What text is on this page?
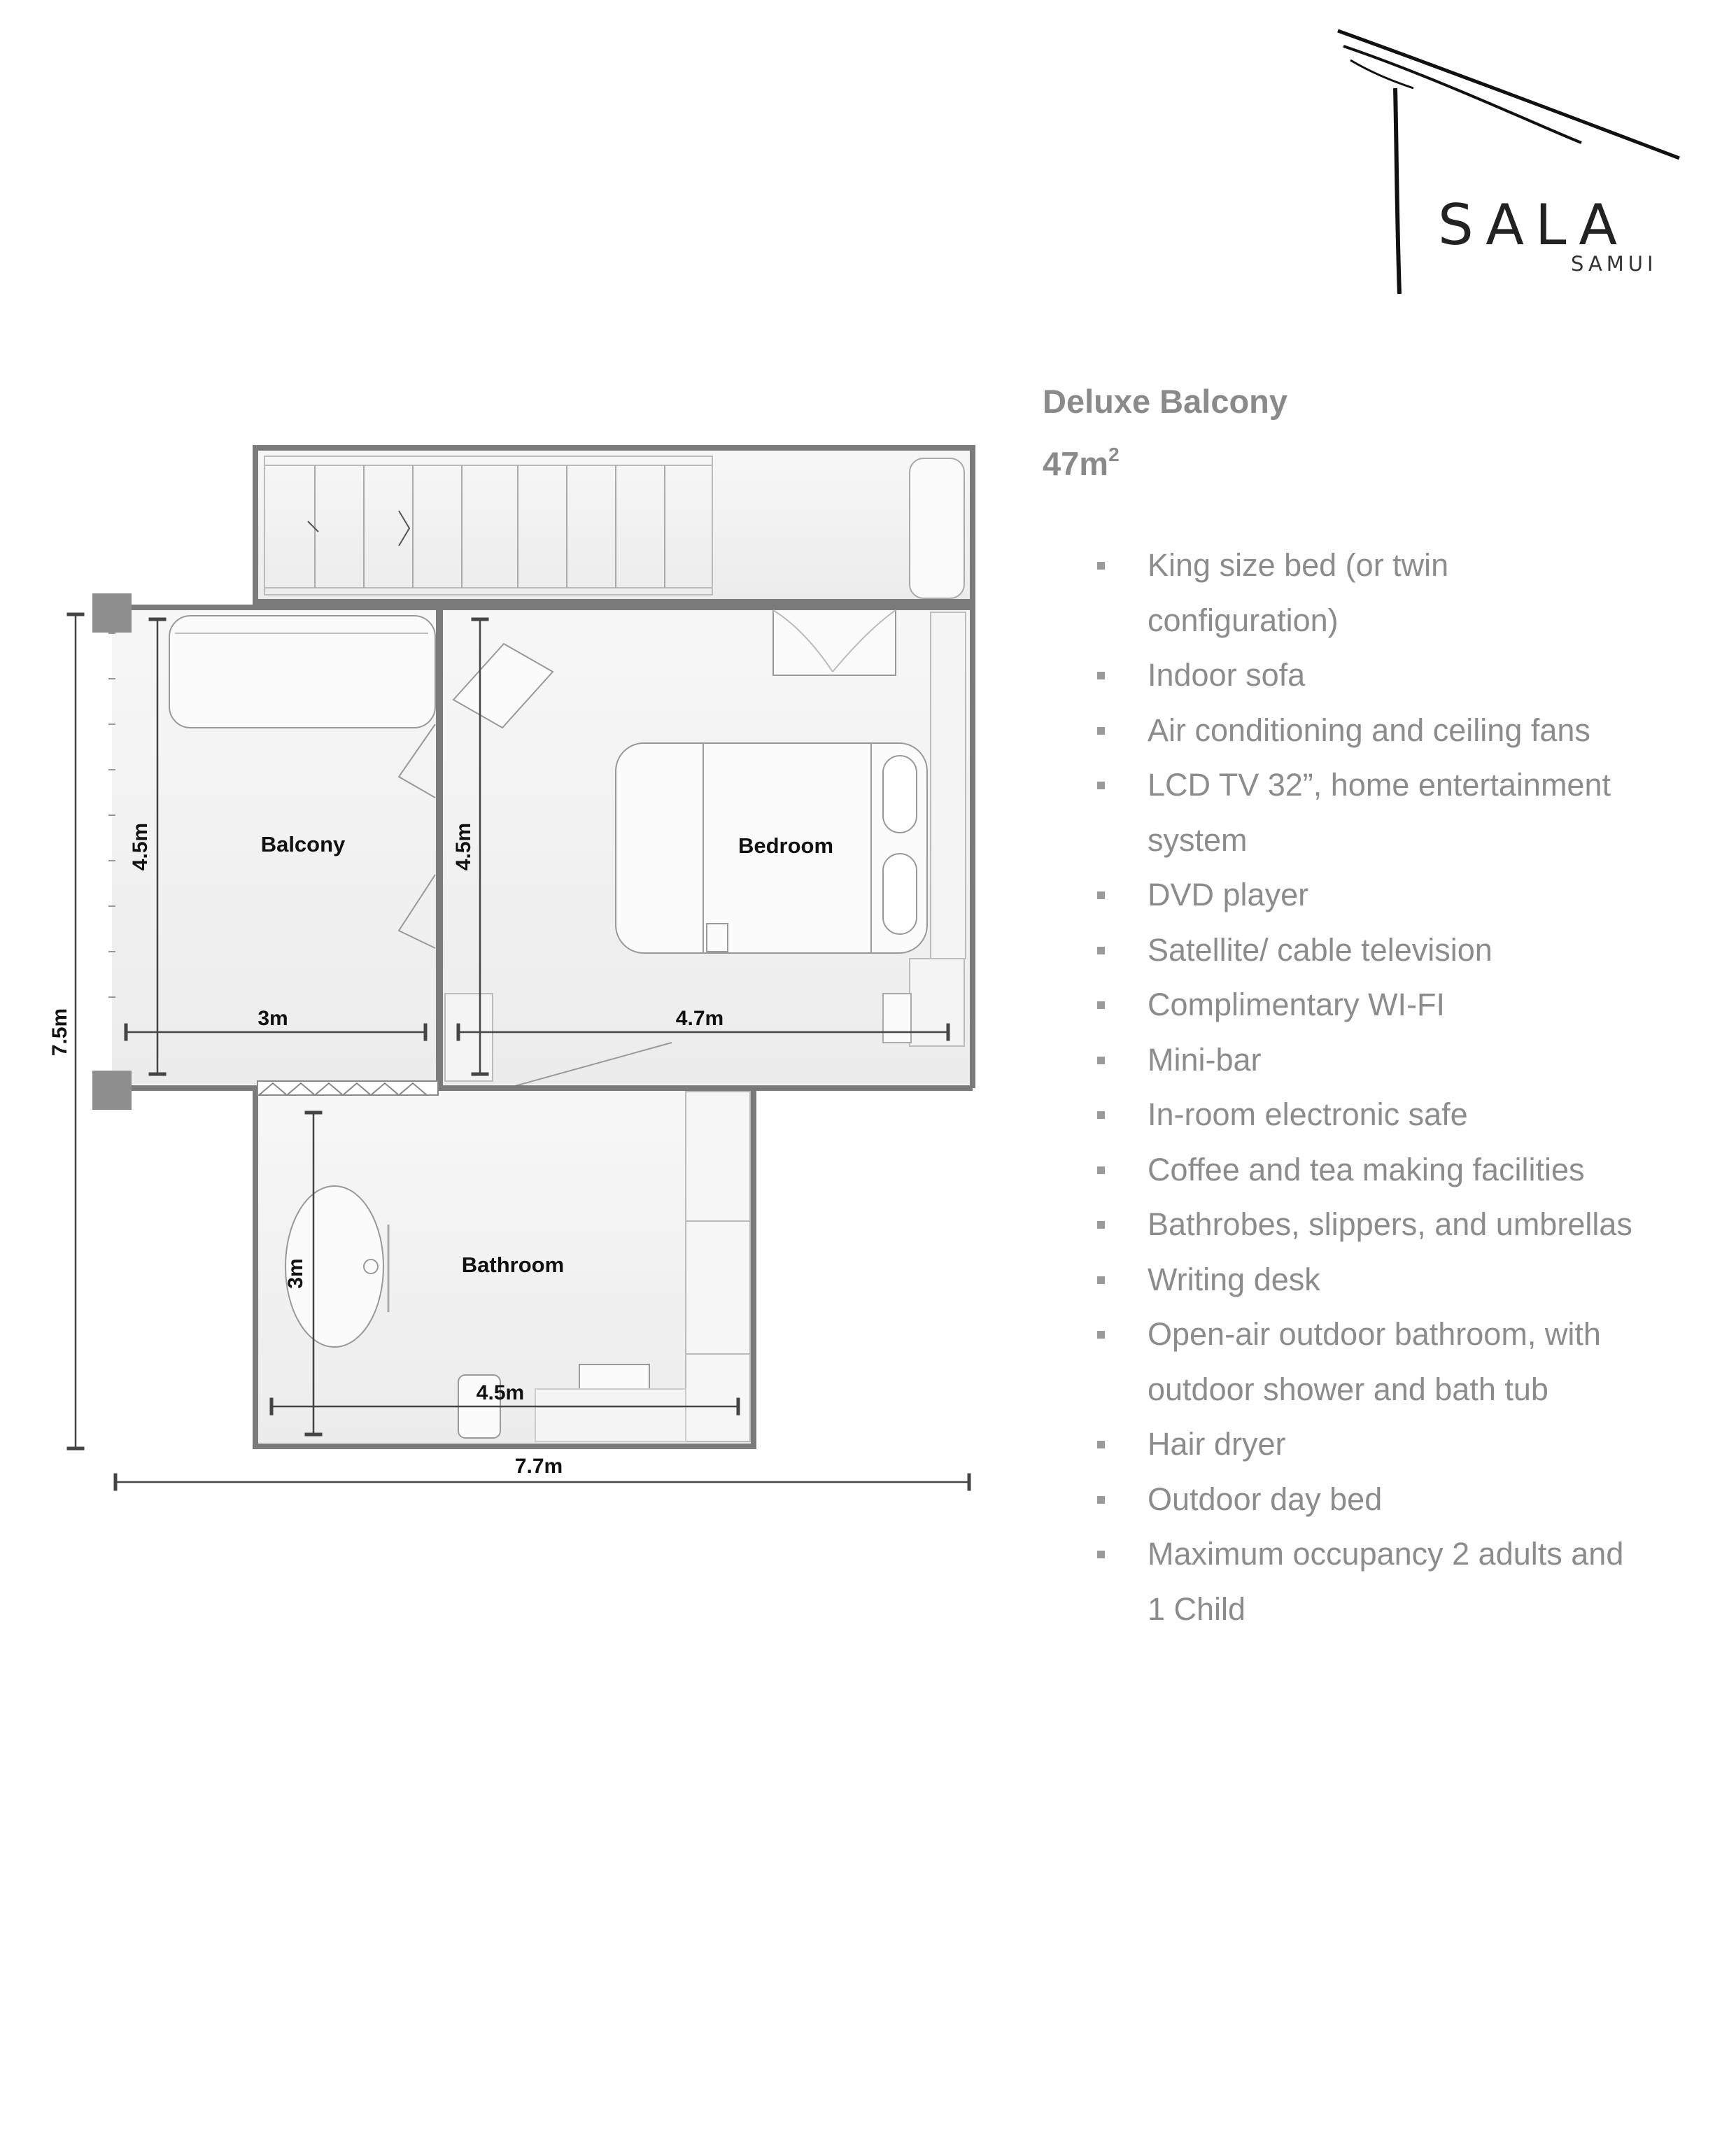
SALA
SAMUI

Deluxe Balcony

$47m^2$

King size bed (or twin
configuration)
Indoor sofa
Air conditioning and ceiling fans
LCD TV 32”, home entertainment
system
DVD player
Satellite/ cable television
Complimentary WI-FI
Mini-bar
In-room electronic safe
Coffee and tea making facilities
Bathrobes, slippers, and umbrellas
Writing desk
Open-air outdoor bathroom, with
outdoor shower and bath tub
Hair dryer
Outdoor day bed
Maximum occupancy 2 adults and
1 Child
Balcony	Bedroom
Bathroom
3m
4.5m
4.7m
4.5m
4.5m
3m
7.5m
7.7m
